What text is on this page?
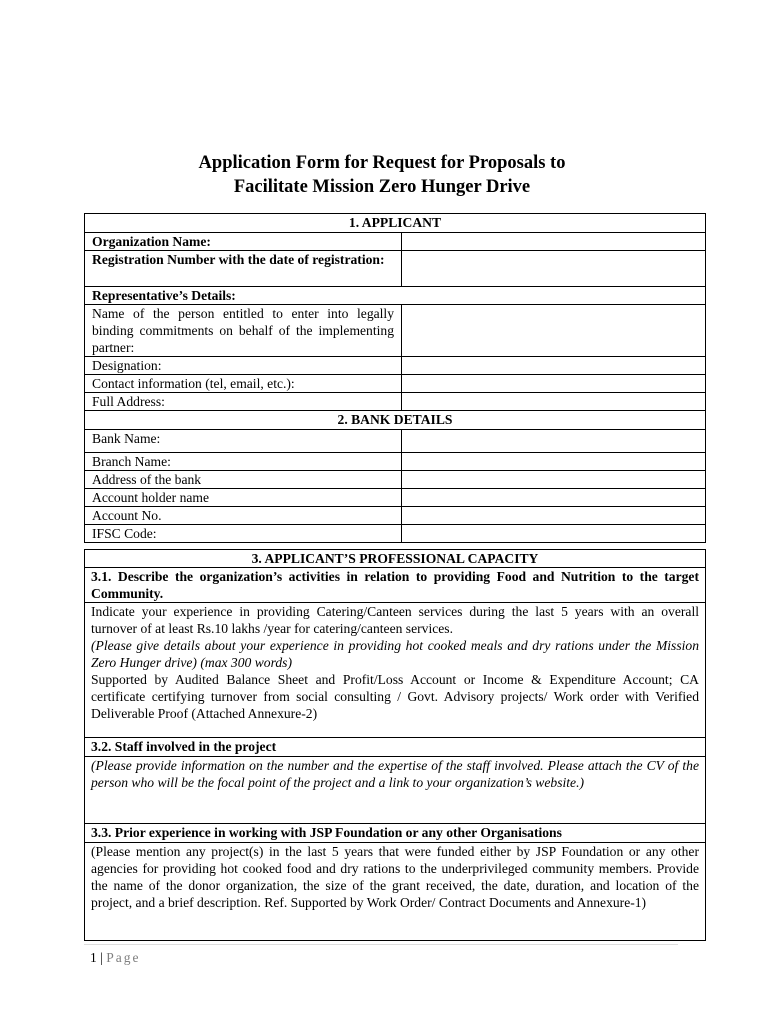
Application Form for Request for Proposals to
Facilitate Mission Zero Hunger Drive
1. APPLICANT	
Organization Name:	
Registration Number with the date of registration:	
Representative’s Details:	
Name of the person entitled to enter into legally binding commitments on behalf of the implementing partner:	
Designation:	
Contact information (tel, email, etc.):	
Full Address:	
2. BANK DETAILS	
Bank Name:	
Branch Name:	
Address of the bank	
Account holder name	
Account No.	
IFSC Code:	
3. APPLICANT’S PROFESSIONAL CAPACITY
3.1. Describe the organization’s activities in relation to providing Food and Nutrition to the target Community.

Indicate your experience in providing Catering/Canteen services during the last 5 years with an overall turnover of at least Rs.10 lakhs /year for catering/canteen services.
(Please give details about your experience in providing hot cooked meals and dry rations under the Mission Zero Hunger drive) (max 300 words)
Supported by Audited Balance Sheet and Profit/Loss Account or Income & Expenditure Account; CA certificate certifying turnover from social consulting / Govt. Advisory projects/ Work order with Verified Deliverable Proof (Attached Annexure-2)

3.2. Staff involved in the project

(Please provide information on the number and the expertise of the staff involved. Please attach the CV of the person who will be the focal point of the project and a link to your organization’s website.)

3.3. Prior experience in working with JSP Foundation or any other Organisations

(Please mention any project(s) in the last 5 years that were funded either by JSP Foundation or any other agencies for providing hot cooked food and dry rations to the underprivileged community members. Provide the name of the donor organization, the size of the grant received, the date, duration, and location of the project, and a brief description. Ref. Supported by Work Order/ Contract Documents and Annexure-1)
1 | Page
